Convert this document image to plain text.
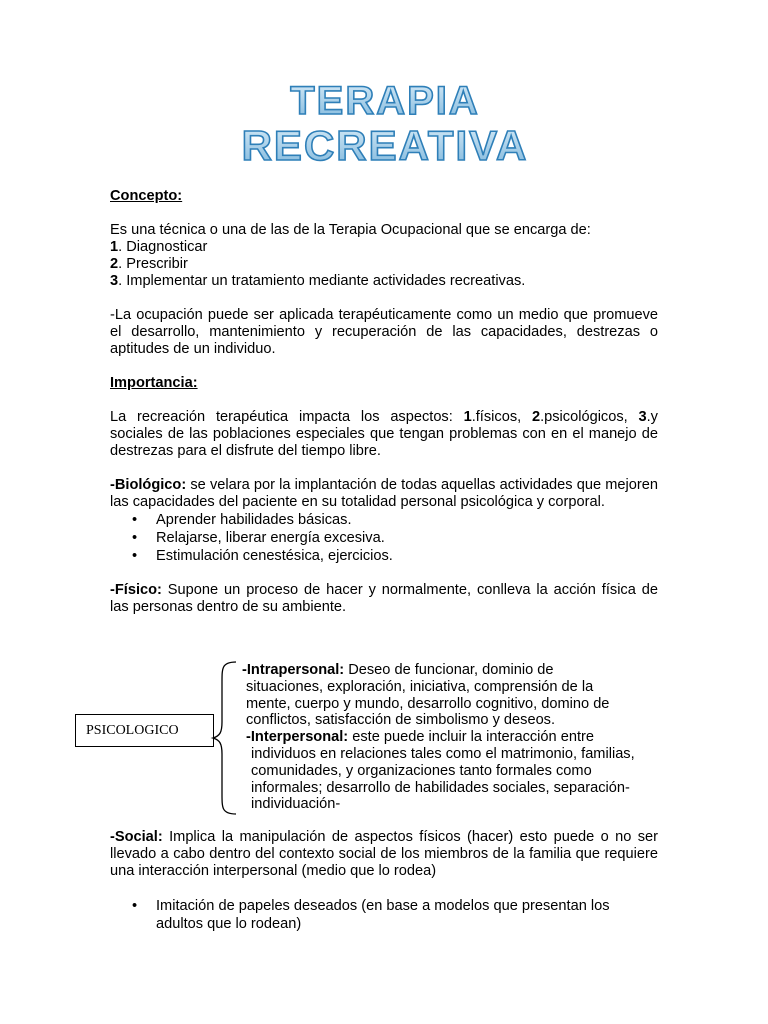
TERAPIA
RECREATIVA

Concepto:

Es una técnica o una de las de la Terapia Ocupacional que se encarga de:

1. Diagnosticar

2. Prescribir

3. Implementar un tratamiento mediante actividades recreativas.

-La ocupación puede ser aplicada terapéuticamente como un medio que promueve el desarrollo, mantenimiento y recuperación de las capacidades, destrezas o aptitudes de un individuo.

Importancia:

La recreación terapéutica impacta los aspectos: 1.físicos, 2.psicológicos, 3.y sociales de las poblaciones especiales que tengan problemas con en el manejo de destrezas para el disfrute del tiempo libre.

-Biológico: se velara por la implantación de todas aquellas actividades que mejoren las capacidades del paciente en su totalidad personal psicológica y corporal.

• Aprender habilidades básicas.
• Relajarse, liberar energía excesiva.
• Estimulación cenestésica, ejercicios.

-Físico: Supone un proceso de hacer y normalmente, conlleva la acción física de las personas dentro de su ambiente.

PSICOLOGICO

-Intrapersonal: Deseo de funcionar, dominio de

situaciones, exploración, iniciativa, comprensión de la

mente, cuerpo y mundo, desarrollo cognitivo, domino de

conflictos, satisfacción de simbolismo y deseos.

-Interpersonal: este puede incluir la interacción entre

individuos en relaciones tales como el matrimonio, familias,

comunidades, y organizaciones tanto formales como

informales; desarrollo de habilidades sociales, separación-

individuación-

-Social: Implica la manipulación de aspectos físicos (hacer) esto puede o no ser llevado a cabo dentro del contexto social de los miembros de la familia que requiere una interacción interpersonal (medio que lo rodea)

• Imitación de papeles deseados (en base a modelos que presentan los adultos que lo rodean)
